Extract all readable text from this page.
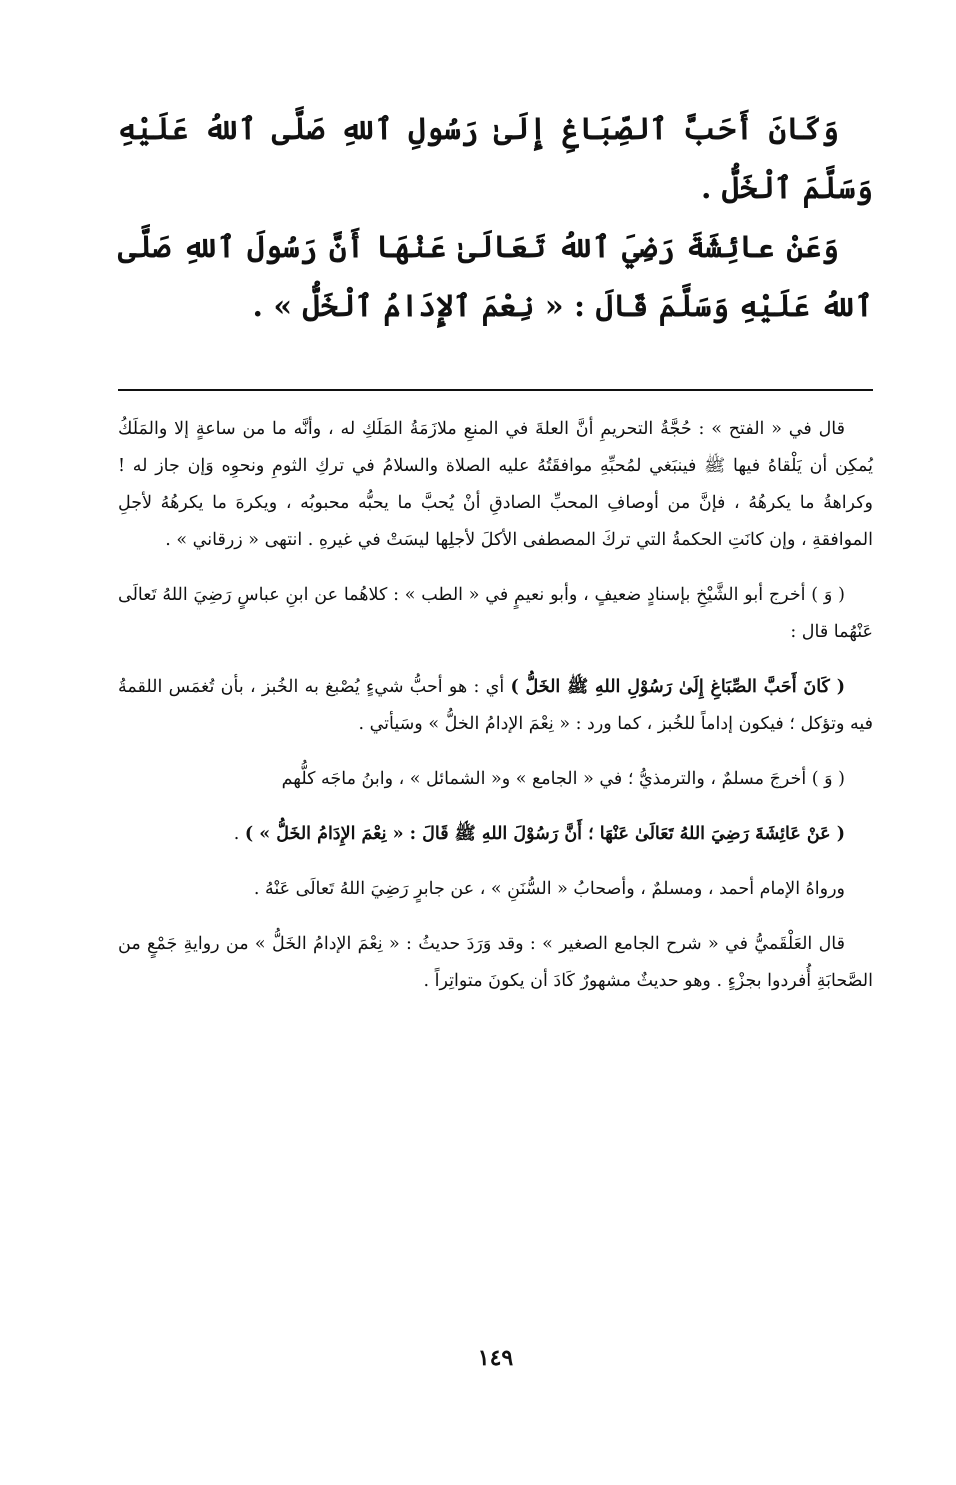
وَكَانَ أَحَبَّ ٱلصِّبَاغِ إِلَىٰ رَسُولِ ٱللهِ صَلَّى ٱللهُ عَلَيْهِ وَسَلَّمَ ٱلْخَلُّ .

وَعَنْ عائِشَةَ رَضِيَ ٱللهُ تَعَالَىٰ عَنْهَا أَنَّ رَسُولَ ٱللهِ صَلَّى ٱللهُ عَلَيْهِ وَسَلَّمَ قَالَ : « نِعْمَ ٱلإِدَامُ ٱلْخَلُّ » .

قال في « الفتح » : حُجَّةُ التحريمِ أنَّ العلةَ في المنعِ ملازَمَةُ المَلَكِ له ، وأنَّه ما من ساعةٍ إلا والمَلَكُ يُمكِن أن يَلْقاهُ فيها ﷺ فينبَغي لمُحبِّهِ موافقَتُهُ عليه الصلاة والسلامُ في تركِ الثومِ ونحوِه وَإن جاز له ! وكراهةُ ما يكرهُهُ ، فإنَّ من أوصافِ المحبِّ الصادقِ أنْ يُحبَّ ما يحبُّه محبوبُه ، ويكرهَ ما يكرهُهُ لأجلِ الموافقةِ ، وإن كانَتِ الحكمةُ التي تركَ المصطفى الأكلَ لأجلِها ليسَتْ في غيرهِ . انتهى « زرقاني » .

( وَ ) أخرج أبو الشَّيْخِ بإسنادٍ ضعيفٍ ، وأبو نعيمٍ في « الطب » : كلاهُما عن ابنِ عباسٍ رَضِيَ اللهُ تَعالَى عَنْهُما قال :

( كَانَ أَحَبَّ الصِّبَاغِ إِلَىٰ رَسُوْلِ اللهِ ﷺ الخَلُّ ) أي : هو أحبُّ شيءٍ يُصْبغ به الخُبز ، بأن تُغمَس اللقمةُ فيه وتؤكل ؛ فيكون إداماً للخُبز ، كما ورد : « نِعْمَ الإدامُ الخلُّ » وسَيأتي .

( وَ ) أخرجَ مسلمٌ ، والترمذيُّ ؛ في « الجامع » و« الشمائل » ، وابنُ ماجَه كلُّهم

( عَنْ عَائِشَةَ رَضِيَ اللهُ تَعَالَىٰ عَنْهَا ؛ أَنَّ رَسُوْلَ اللهِ ﷺ قَالَ : « نِعْمَ الإِدَامُ الخَلُّ » ) .

ورواهُ الإمام أحمد ، ومسلمٌ ، وأصحابُ « السُّنَنِ » ، عن جابرٍ رَضِيَ اللهُ تَعالَى عَنْهُ .

قال العَلْقَميُّ في « شرح الجامع الصغير » : وقد وَرَدَ حديثُ : « نِعْمَ الإدامُ الخَلُّ » من روايةِ جَمْعٍ من الصَّحابَةِ أُفردوا بجزْءٍ . وهو حديثٌ مشهورٌ كَادَ أن يكونَ متواتِراً .

١٤٩
